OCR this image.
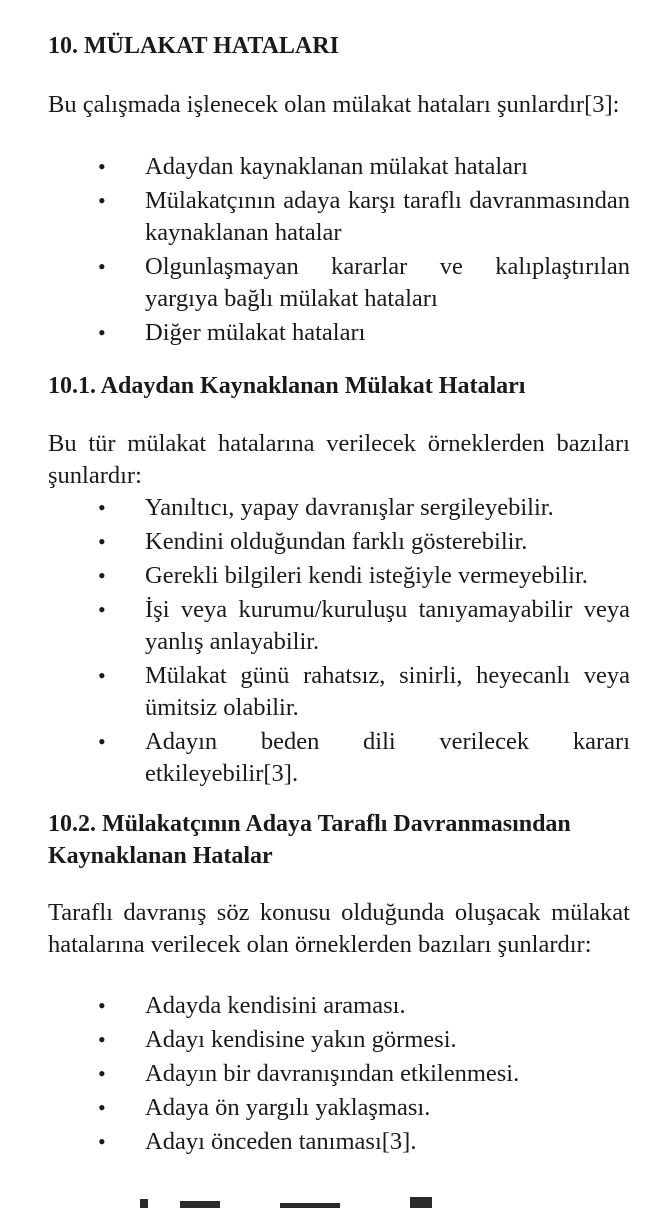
10. MÜLAKAT HATALARI

Bu çalışmada işlenecek olan mülakat hataları şunlardır[3]:

• Adaydan kaynaklanan mülakat hataları
• Mülakatçının adaya karşı taraflı davranmasından kaynaklanan hatalar
• Olgunlaşmayan kararlar ve kalıplaştırılan yargıya bağlı mülakat hataları
• Diğer mülakat hataları
10.1. Adaydan Kaynaklanan Mülakat Hataları

Bu tür mülakat hatalarına verilecek örneklerden bazıları şunlardır:

• Yanıltıcı, yapay davranışlar sergileyebilir.
• Kendini olduğundan farklı gösterebilir.
• Gerekli bilgileri kendi isteğiyle vermeyebilir.
• İşi veya kurumu/kuruluşu tanıyamayabilir veya yanlış anlayabilir.
• Mülakat günü rahatsız, sinirli, heyecanlı veya ümitsiz olabilir.
• Adayın beden dili verilecek kararı etkileyebilir[3].
10.2. Mülakatçının Adaya Taraflı Davranmasından Kaynaklanan Hatalar

Taraflı davranış söz konusu olduğunda oluşacak mülakat hatalarına verilecek olan örneklerden bazıları şunlardır:

• Adayda kendisini araması.
• Adayı kendisine yakın görmesi.
• Adayın bir davranışından etkilenmesi.
• Adaya ön yargılı yaklaşması.
• Adayı önceden tanıması[3].
